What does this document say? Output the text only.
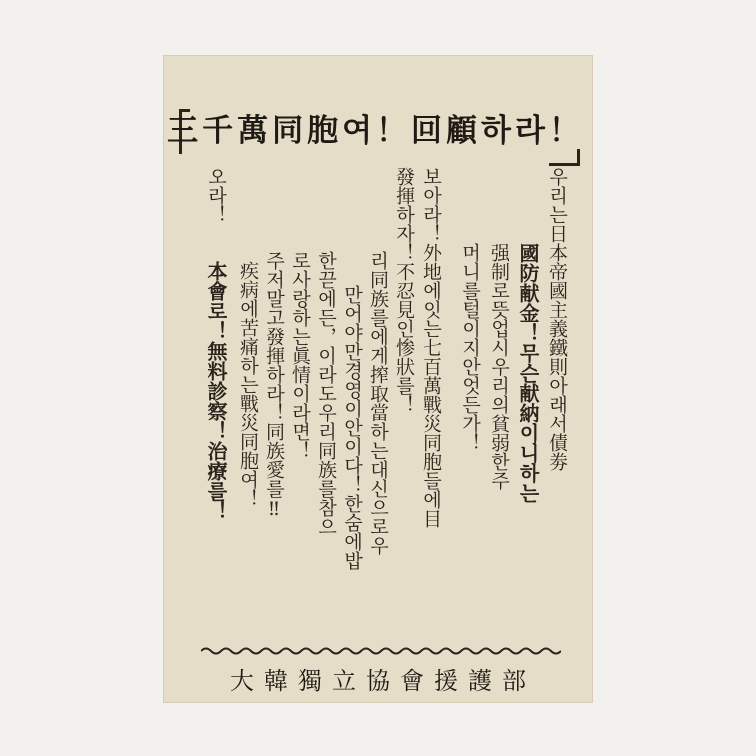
三千萬同胞여！回顧하라！
우리는日本帝國主義鐵則아래서債劵
國防献金！무슨献納이니하는
强制로뜻업시우리의貧弱한주
머니를털이지안엇든가！
보아라！外地에잇는七百萬戰災同胞들에目
發揮하자！不忍見인惨狀를！
리同族를에게搾取當하는대신으로우
만어야만경영이안이다！한숨에밥
한끋에든，이라도우리同族를참으
로사랑하는眞情이라면！
주저말고發揮하라！同族愛를‼
疾病에苦痛하는戰災同胞여！
本會로！無料診察！治療를！
오라！
大韓獨立協會援護部
